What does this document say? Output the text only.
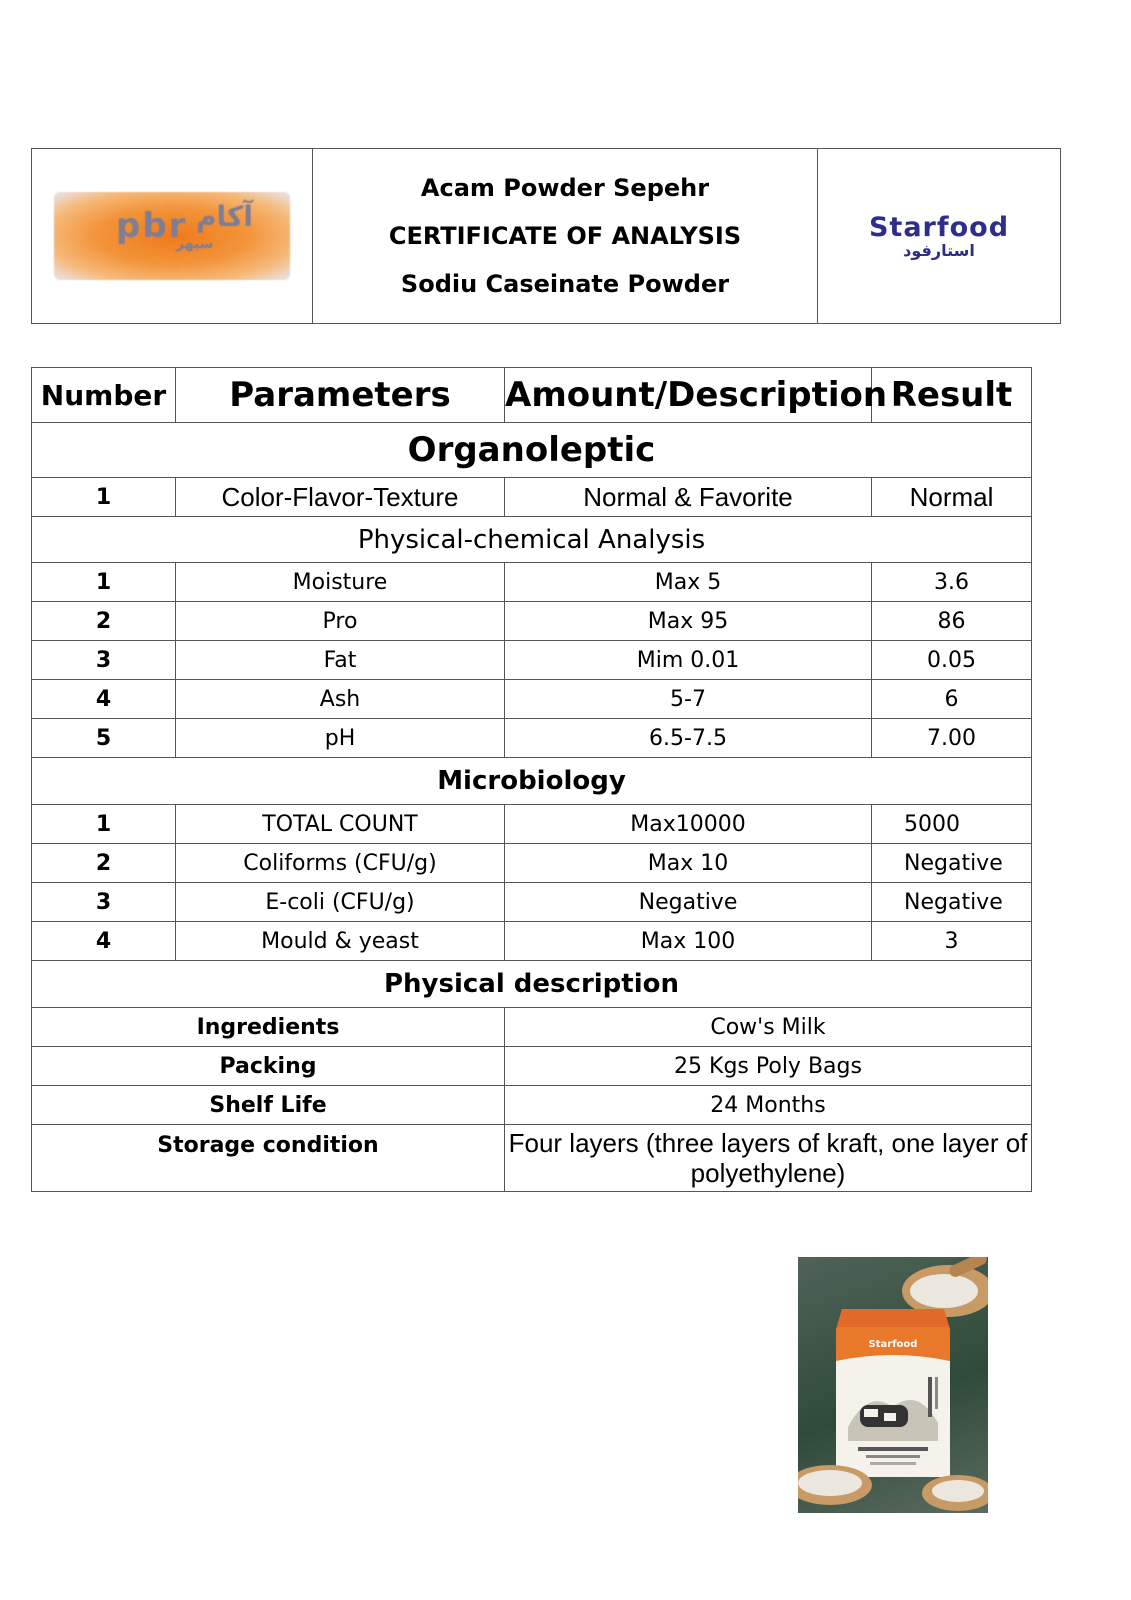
pbr آکام
سپهر
Acam Powder Sepehr
CERTIFICATE OF ANALYSIS
Sodiu Caseinate Powder
Starfood
استارفود
Number	Parameters	Amount/Description	Result
Organoleptic			
1	Color-Flavor-Texture	Normal & Favorite	Normal
Physical-chemical Analysis			
1	Moisture	Max 5	3.6
2	Pro	Max 95	86
3	Fat	Mim 0.01	0.05
4	Ash	5-7	6
5	pH	6.5-7.5	7.00
Microbiology			
1	TOTAL COUNT	Max10000	5000
2	Coliforms (CFU/g)	Max 10	Negative
3	E-coli (CFU/g)	Negative	Negative
4	Mould & yeast	Max 100	3
Physical description			
Ingredients		Cow's Milk	
Packing		25 Kgs Poly Bags	
Shelf Life		24 Months	
Storage condition		Four layers (three layers of kraft, one layer of polyethylene)	
Starfood
